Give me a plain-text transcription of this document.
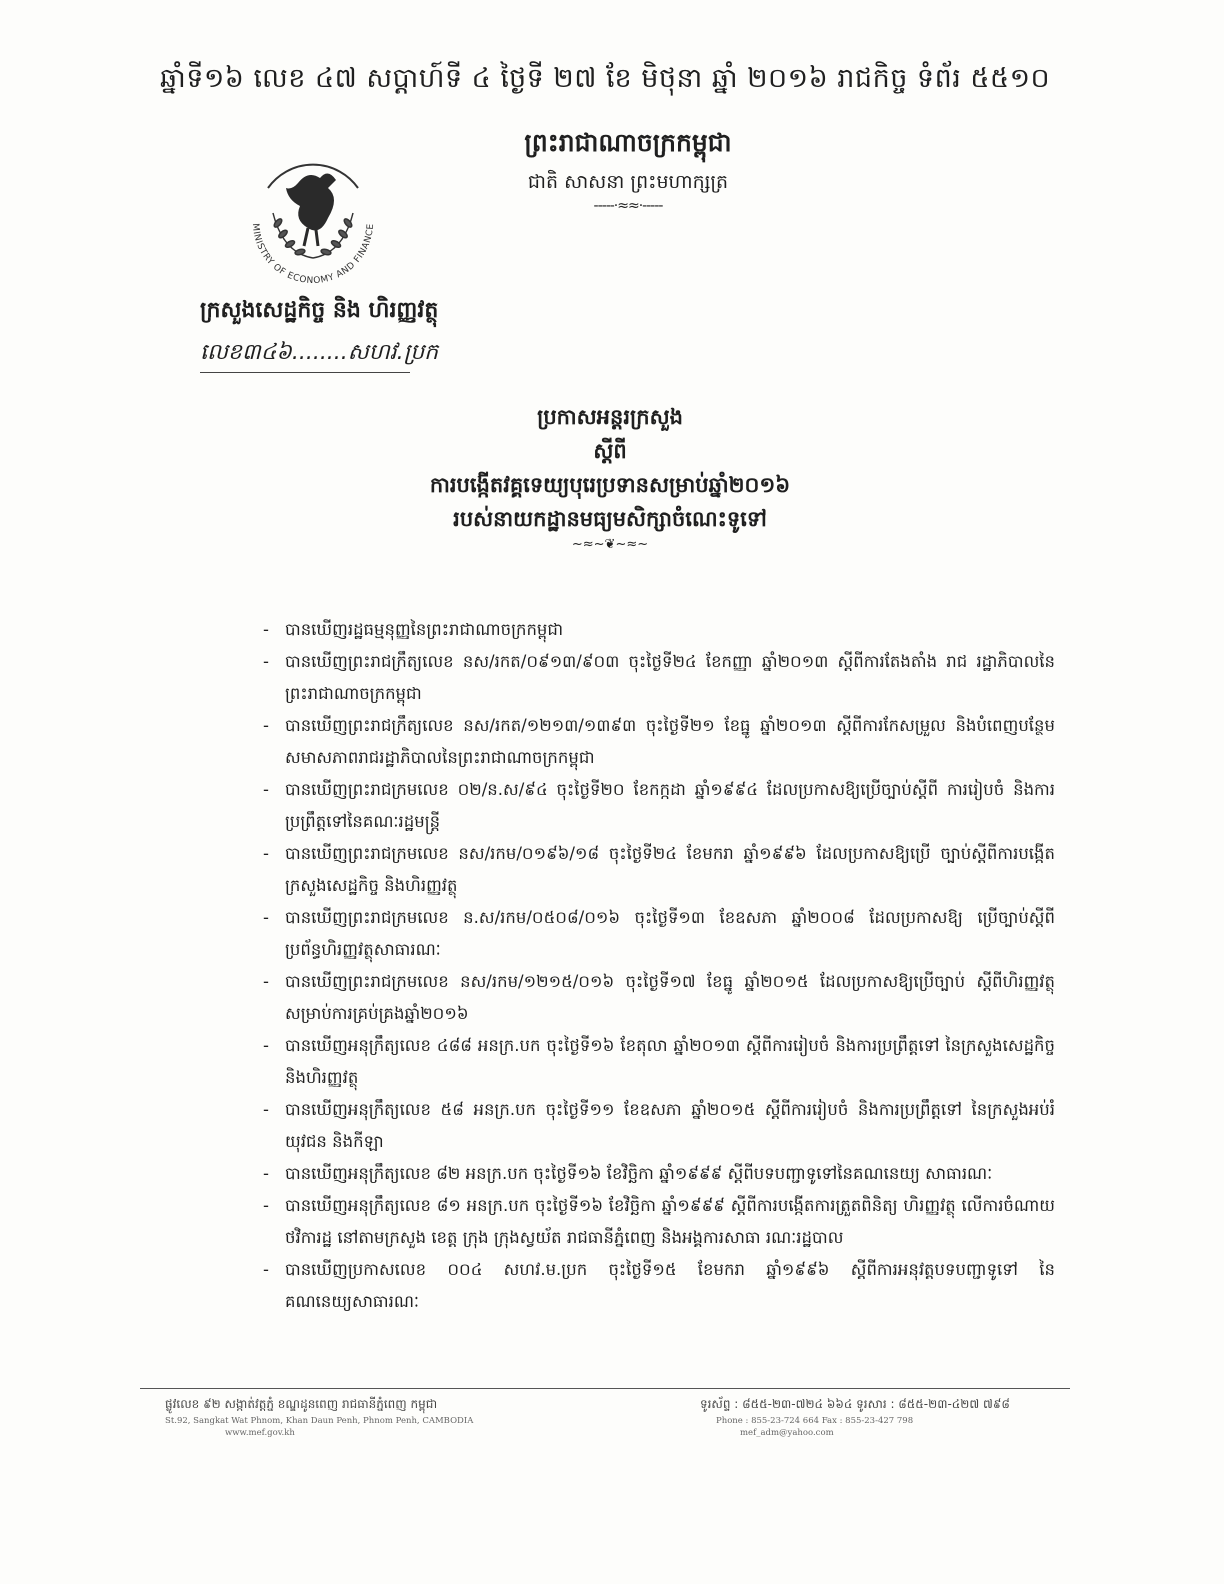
ឆ្នាំទី១៦ លេខ ៤៧ សប្ដាហ៍ទី ៤ ថ្ងៃទី ២៧ ខែ មិថុនា ឆ្នាំ ២០១៦ រាជកិច្ច ទំព័រ ៥៥១០
MINISTRY OF ECONOMY AND FINANCE
ព្រះរាជាណាចក្រកម្ពុជា
ជាតិ សាសនា ព្រះមហាក្សត្រ
-----·≈≈·-----
ក្រសួងសេដ្ឋកិច្ច និង ហិរញ្ញវត្ថុ
លេខ៣៤៦........សហវ.ប្រក
ប្រកាសអន្តរក្រសួង
ស្ដីពី
ការបង្កើតវគ្គទេយ្យបុរេប្រទានសម្រាប់ឆ្នាំ២០១៦
របស់នាយកដ្ឋានមធ្យមសិក្សាចំណេះទូទៅ
~≈~❦~≈~
- បានឃើញរដ្ឋធម្មនុញ្ញនៃព្រះរាជាណាចក្រកម្ពុជា
- បានឃើញព្រះរាជក្រឹត្យលេខ នស/រកត/០៩១៣/៩០៣ ចុះថ្ងៃទី២៤ ខែកញ្ញា ឆ្នាំ២០១៣ ស្ដីពីការតែងតាំង រាជ រដ្ឋាភិបាលនៃព្រះរាជាណាចក្រកម្ពុជា
- បានឃើញព្រះរាជក្រឹត្យលេខ នស/រកត/១២១៣/១៣៩៣ ចុះថ្ងៃទី២១ ខែធ្នូ ឆ្នាំ២០១៣ ស្ដីពីការកែសម្រួល និងបំពេញបន្ថែមសមាសភាពរាជរដ្ឋាភិបាលនៃព្រះរាជាណាចក្រកម្ពុជា
- បានឃើញព្រះរាជក្រមលេខ ០២/ន.ស/៩៤ ចុះថ្ងៃទី២០ ខែកក្កដា ឆ្នាំ១៩៩៤ ដែលប្រកាសឱ្យប្រើច្បាប់ស្ដីពី ការរៀបចំ និងការប្រព្រឹត្តទៅនៃគណៈរដ្ឋមន្ត្រី
- បានឃើញព្រះរាជក្រមលេខ នស/រកម/០១៩៦/១៨ ចុះថ្ងៃទី២៤ ខែមករា ឆ្នាំ១៩៩៦ ដែលប្រកាសឱ្យប្រើ ច្បាប់ស្ដីពីការបង្កើតក្រសួងសេដ្ឋកិច្ច និងហិរញ្ញវត្ថុ
- បានឃើញព្រះរាជក្រមលេខ ន.ស/រកម/០៥០៨/០១៦ ចុះថ្ងៃទី១៣ ខែឧសភា ឆ្នាំ២០០៨ ដែលប្រកាសឱ្យ ប្រើច្បាប់ស្ដីពីប្រព័ន្ធហិរញ្ញវត្ថុសាធារណៈ
- បានឃើញព្រះរាជក្រមលេខ នស/រកម/១២១៥/០១៦ ចុះថ្ងៃទី១៧ ខែធ្នូ ឆ្នាំ២០១៥ ដែលប្រកាសឱ្យប្រើច្បាប់ ស្ដីពីហិរញ្ញវត្ថុសម្រាប់ការគ្រប់គ្រងឆ្នាំ២០១៦
- បានឃើញអនុក្រឹត្យលេខ ៤៨៨ អនក្រ.បក ចុះថ្ងៃទី១៦ ខែតុលា ឆ្នាំ២០១៣ ស្ដីពីការរៀបចំ និងការប្រព្រឹត្តទៅ នៃក្រសួងសេដ្ឋកិច្ច និងហិរញ្ញវត្ថុ
- បានឃើញអនុក្រឹត្យលេខ ៥៨ អនក្រ.បក ចុះថ្ងៃទី១១ ខែឧសភា ឆ្នាំ២០១៥ ស្ដីពីការរៀបចំ និងការប្រព្រឹត្តទៅ នៃក្រសួងអប់រំ យុវជន និងកីឡា
- បានឃើញអនុក្រឹត្យលេខ ៨២ អនក្រ.បក ចុះថ្ងៃទី១៦ ខែវិច្ឆិកា ឆ្នាំ១៩៩៩ ស្ដីពីបទបញ្ជាទូទៅនៃគណនេយ្យ សាធារណៈ
- បានឃើញអនុក្រឹត្យលេខ ៨១ អនក្រ.បក ចុះថ្ងៃទី១៦ ខែវិច្ឆិកា ឆ្នាំ១៩៩៩ ស្ដីពីការបង្កើតការត្រួតពិនិត្យ ហិរញ្ញវត្ថុ លើការចំណាយថវិការដ្ឋ នៅតាមក្រសួង ខេត្ត ក្រុង ក្រុងស្វយ័ត រាជធានីភ្នំពេញ និងអង្គការសាធា រណៈរដ្ឋបាល
- បានឃើញប្រកាសលេខ ០០៤ សហវ.ម.ប្រក ចុះថ្ងៃទី១៥ ខែមករា ឆ្នាំ១៩៩៦ ស្ដីពីការអនុវត្តបទបញ្ជាទូទៅ នៃគណនេយ្យសាធារណៈ
ផ្លូវលេខ ៩២ សង្កាត់វត្តភ្នំ ខណ្ឌដូនពេញ រាជធានីភ្នំពេញ កម្ពុជា
St.92, Sangkat Wat Phnom, Khan Daun Penh, Phnom Penh, CAMBODIA
www.mef.gov.kh
ទូរស័ព្ទ : ៨៥៥-២៣-៧២៤ ៦៦៤ ទូរសារ : ៨៥៥-២៣-៤២៧ ៧៩៨
Phone : 855-23-724 664 Fax : 855-23-427 798
mef_adm@yahoo.com
